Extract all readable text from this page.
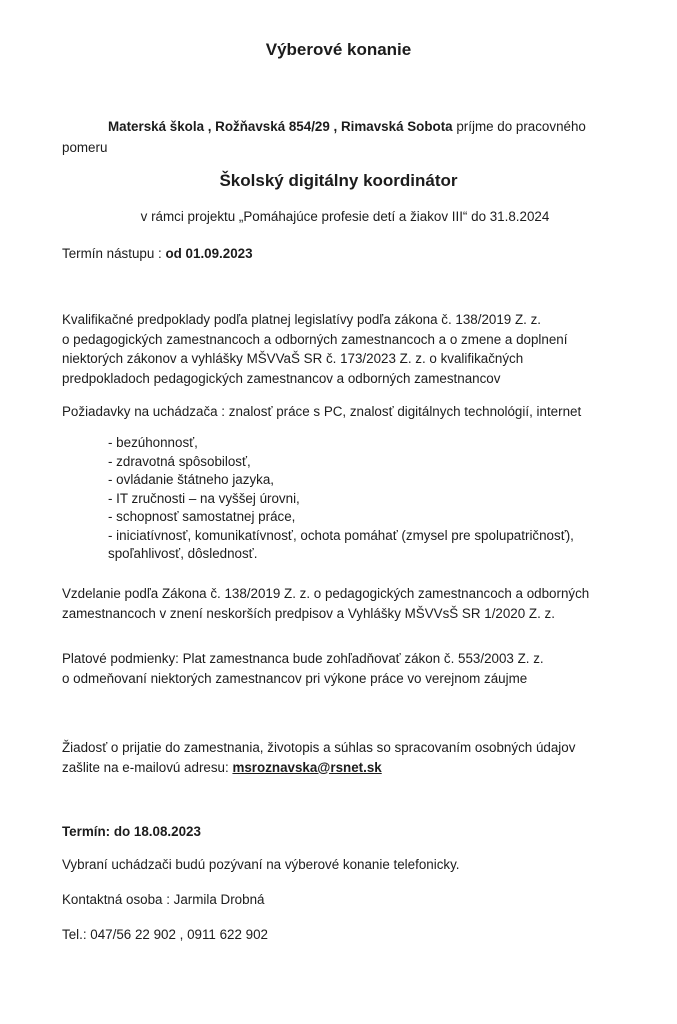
Výberové konanie
Materská škola , Rožňavská 854/29 , Rimavská Sobota príjme do pracovného
pomeru
Školský digitálny koordinátor
v rámci projektu „Pomáhajúce profesie detí a žiakov III“ do 31.8.2024
Termín nástupu : od 01.09.2023
Kvalifikačné predpoklady podľa platnej legislatívy podľa zákona č. 138/2019 Z. z.
o pedagogických zamestnancoch a odborných zamestnancoch a o zmene a doplnení
niektorých zákonov a vyhlášky MŠVVaŠ SR č. 173/2023 Z. z. o kvalifikačných
predpokladoch pedagogických zamestnancov a odborných zamestnancov
Požiadavky na uchádzača : znalosť práce s PC, znalosť digitálnych technológií, internet
- bezúhonnosť,
- zdravotná spôsobilosť,
- ovládanie štátneho jazyka,
- IT zručnosti – na vyššej úrovni,
- schopnosť samostatnej práce,
- iniciatívnosť, komunikatívnosť, ochota pomáhať (zmysel pre spolupatričnosť),
spoľahlivosť, dôslednosť.
Vzdelanie podľa Zákona č. 138/2019 Z. z. o pedagogických zamestnancoch a odborných
zamestnancoch v znení neskorších predpisov a Vyhlášky MŠVVsŠ SR 1/2020 Z. z.
Platové podmienky: Plat zamestnanca bude zohľadňovať zákon č. 553/2003 Z. z.
o odmeňovaní niektorých zamestnancov pri výkone práce vo verejnom záujme
Žiadosť o prijatie do zamestnania, životopis a súhlas so spracovaním osobných údajov
zašlite na e-mailovú adresu: msroznavska@rsnet.sk
Termín: do 18.08.2023
Vybraní uchádzači budú pozývaní na výberové konanie telefonicky.
Kontaktná osoba : Jarmila Drobná
Tel.: 047/56 22 902 , 0911 622 902
